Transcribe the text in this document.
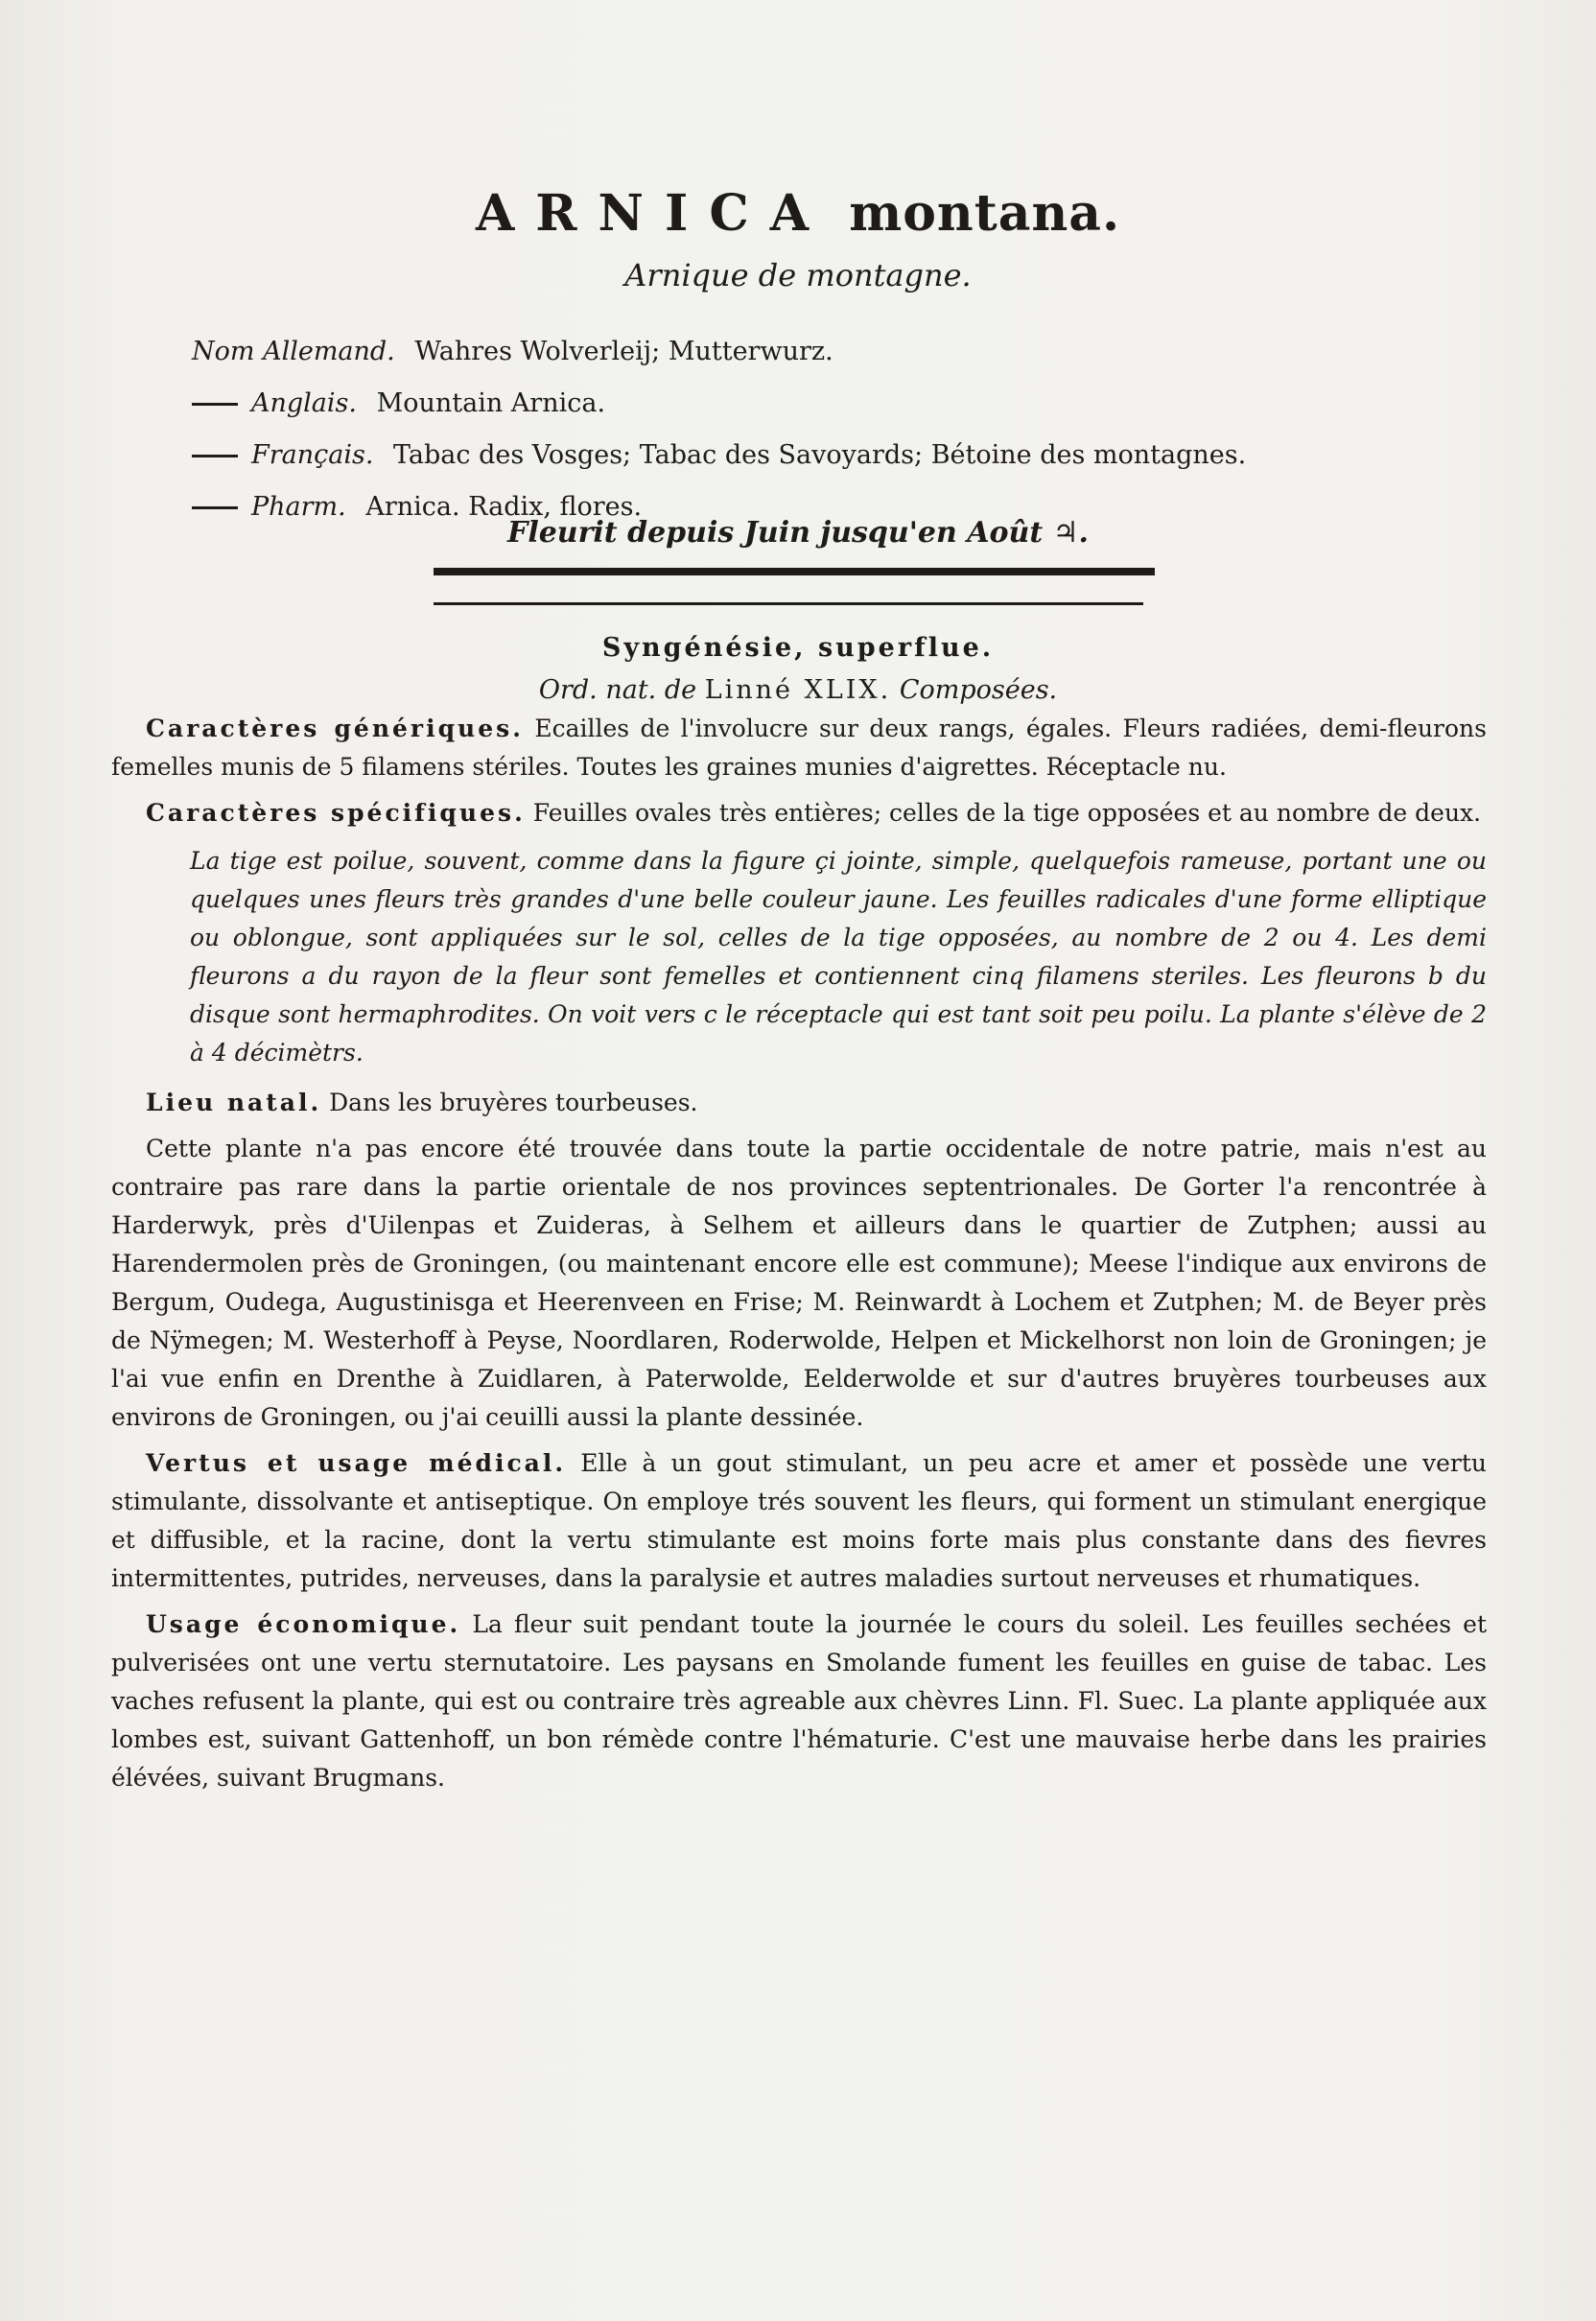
ARNICA montana.
Arnique de montagne.
Nom Allemand. Wahres Wolverleij; Mutterwurz.
Anglais. Mountain Arnica.
Français. Tabac des Vosges; Tabac des Savoyards; Bétoine des montagnes.
Pharm. Arnica. Radix, flores.
Fleurit depuis Juin jusqu'en Août ♃.
Syngénésie, superflue.
Ord. nat. de Linné XLIX. Composées.

Caractères génériques. Ecailles de l'involucre sur deux rangs, égales. Fleurs radiées, demi-fleurons femelles munis de 5 filamens stériles. Toutes les graines munies d'aigrettes. Réceptacle nu.

Caractères spécifiques. Feuilles ovales très entières; celles de la tige opposées et au nombre de deux.

La tige est poilue, souvent, comme dans la figure çi jointe, simple, quelquefois rameuse, portant une ou quelques unes fleurs très grandes d'une belle couleur jaune. Les feuilles radicales d'une forme elliptique ou oblongue, sont appliquées sur le sol, celles de la tige opposées, au nombre de 2 ou 4. Les demi fleurons a du rayon de la fleur sont femelles et contiennent cinq filamens steriles. Les fleurons b du disque sont hermaphrodites. On voit vers c le réceptacle qui est tant soit peu poilu. La plante s'élève de 2 à 4 décimètrs.

Lieu natal. Dans les bruyères tourbeuses.

Cette plante n'a pas encore été trouvée dans toute la partie occidentale de notre patrie, mais n'est au contraire pas rare dans la partie orientale de nos provinces septentrionales. De Gorter l'a rencontrée à Harderwyk, près d'Uilenpas et Zuideras, à Selhem et ailleurs dans le quartier de Zutphen; aussi au Harendermolen près de Groningen, (ou maintenant encore elle est commune); Meese l'indique aux environs de Bergum, Oudega, Augustinisga et Heerenveen en Frise; M. Reinwardt à Lochem et Zutphen; M. de Beyer près de Nÿmegen; M. Westerhoff à Peyse, Noordlaren, Roderwolde, Helpen et Mickelhorst non loin de Groningen; je l'ai vue enfin en Drenthe à Zuidlaren, à Paterwolde, Eelderwolde et sur d'autres bruyères tourbeuses aux environs de Groningen, ou j'ai ceuilli aussi la plante dessinée.

Vertus et usage médical. Elle à un gout stimulant, un peu acre et amer et possède une vertu stimulante, dissolvante et antiseptique. On employe trés souvent les fleurs, qui forment un stimulant energique et diffusible, et la racine, dont la vertu stimulante est moins forte mais plus constante dans des fievres intermittentes, putrides, nerveuses, dans la paralysie et autres maladies surtout nerveuses et rhumatiques.

Usage économique. La fleur suit pendant toute la journée le cours du soleil. Les feuilles sechées et pulverisées ont une vertu sternutatoire. Les paysans en Smolande fument les feuilles en guise de tabac. Les vaches refusent la plante, qui est ou contraire très agreable aux chèvres Linn. Fl. Suec. La plante appliquée aux lombes est, suivant Gattenhoff, un bon rémède contre l'hématurie. C'est une mauvaise herbe dans les prairies élévées, suivant Brugmans.
